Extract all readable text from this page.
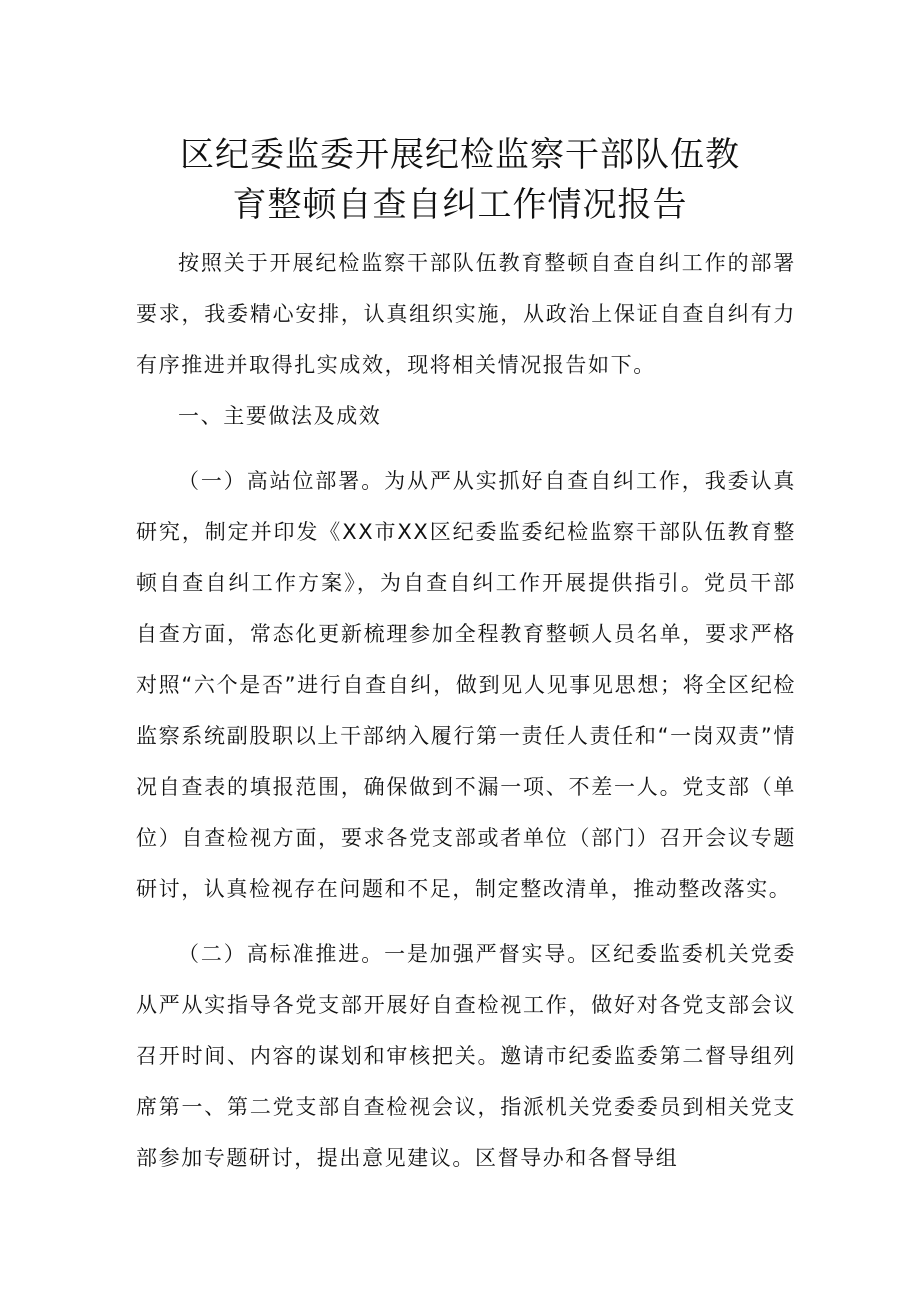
区纪委监委开展纪检监察干部队伍教
育整顿自查自纠工作情况报告

按照关于开展纪检监察干部队伍教育整顿自查自纠工作的部署要求，我委精心安排，认真组织实施，从政治上保证自查自纠有力有序推进并取得扎实成效，现将相关情况报告如下。

一、主要做法及成效

（一）高站位部署。为从严从实抓好自查自纠工作，我委认真研究，制定并印发《XX市XX区纪委监委纪检监察干部队伍教育整顿自查自纠工作方案》，为自查自纠工作开展提供指引。党员干部自查方面，常态化更新梳理参加全程教育整顿人员名单，要求严格对照“六个是否”进行自查自纠，做到见人见事见思想；将全区纪检监察系统副股职以上干部纳入履行第一责任人责任和“一岗双责”情况自查表的填报范围，确保做到不漏一项、不差一人。党支部（单位）自查检视方面，要求各党支部或者单位（部门）召开会议专题研讨，认真检视存在问题和不足，制定整改清单，推动整改落实。

（二）高标准推进。一是加强严督实导。区纪委监委机关党委从严从实指导各党支部开展好自查检视工作，做好对各党支部会议召开时间、内容的谋划和审核把关。邀请市纪委监委第二督导组列席第一、第二党支部自查检视会议，指派机关党委委员到相关党支部参加专题研讨，提出意见建议。区督导办和各督导组
